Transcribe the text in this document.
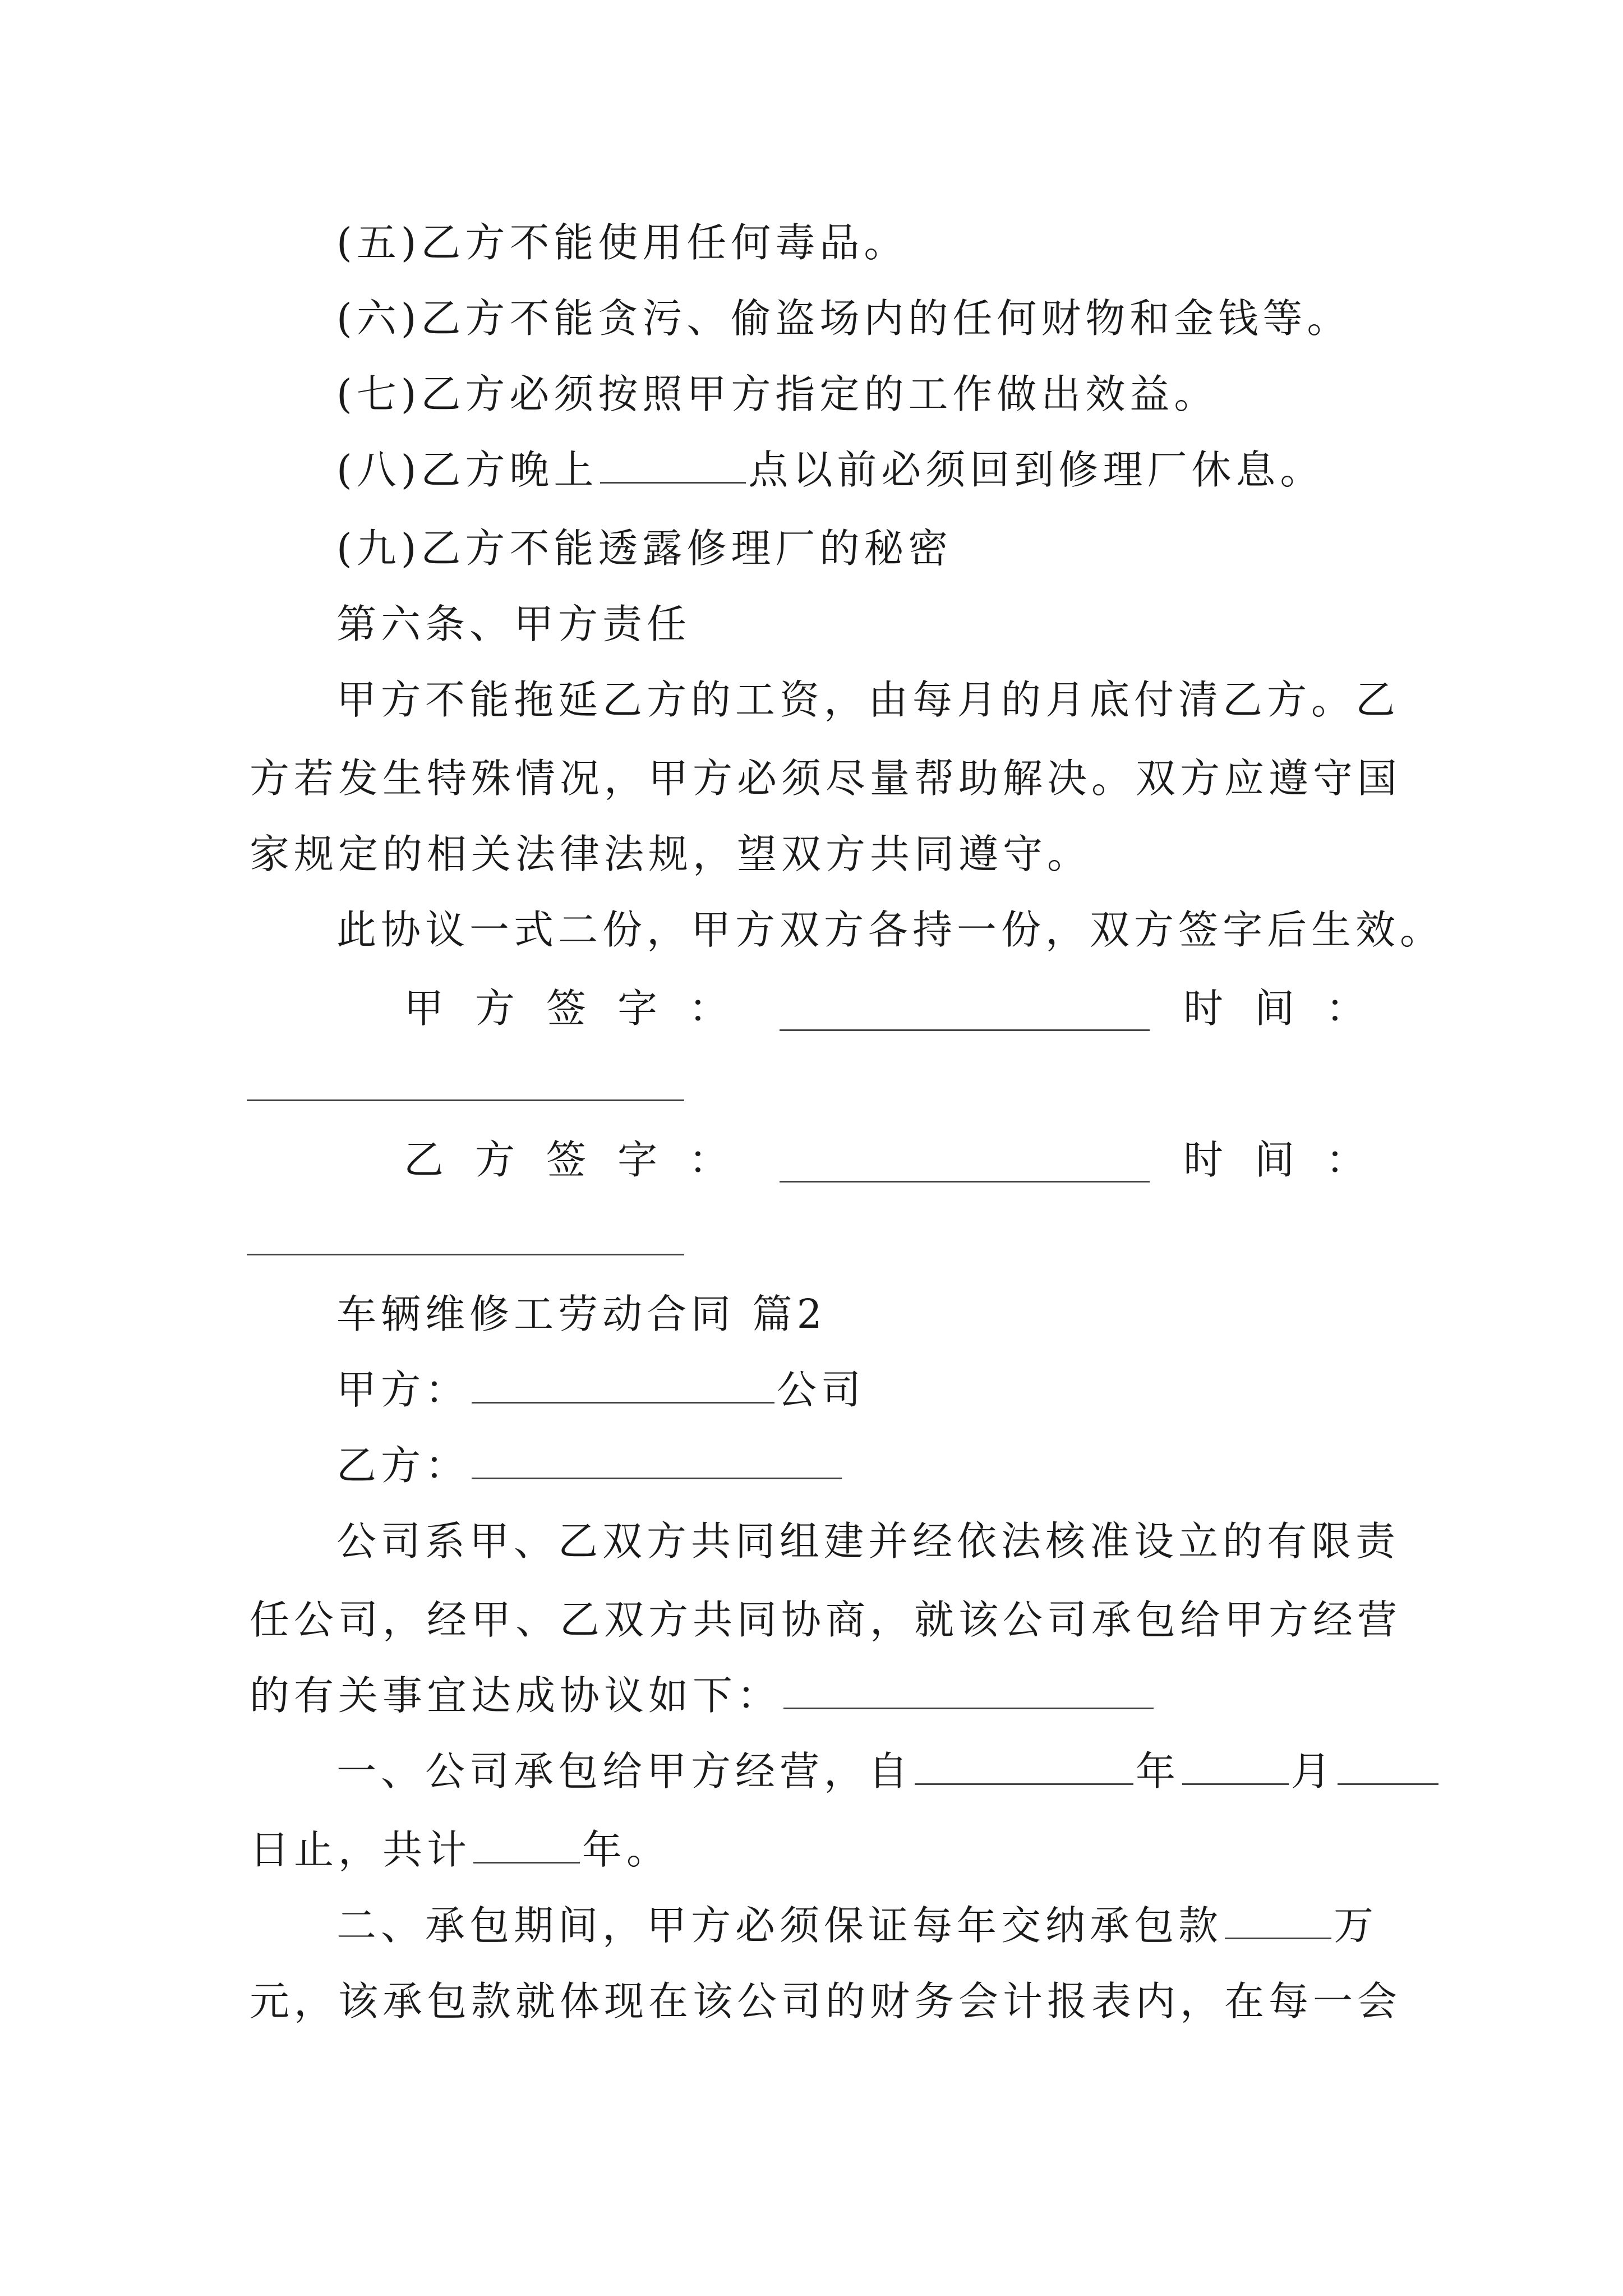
(五)乙方不能使用任何毒品。
(六)乙方不能贪污、偷盗场内的任何财物和金钱等。
(七)乙方必须按照甲方指定的工作做出效益。
(八)乙方晚上	点以前必须回到修理厂休息。
(九)乙方不能透露修理厂的秘密
第六条、甲方责任
甲方不能拖延乙方的工资，由每月的月底付清乙方。乙
方若发生特殊情况，甲方必须尽量帮助解决。双方应遵守国
家规定的相关法律法规，望双方共同遵守。
此协议一式二份，甲方双方各持一份，双方签字后生效。
甲方签字：	时间：
乙方签字：	时间：
车辆维修工劳动合同 篇2
甲方：	公司
乙方：
公司系甲、乙双方共同组建并经依法核准设立的有限责
任公司，经甲、乙双方共同协商，就该公司承包给甲方经营
的有关事宜达成协议如下：
一、公司承包给甲方经营，自	年	月
日止，共计	年。
二、承包期间，甲方必须保证每年交纳承包款	万
元，该承包款就体现在该公司的财务会计报表内，在每一会
